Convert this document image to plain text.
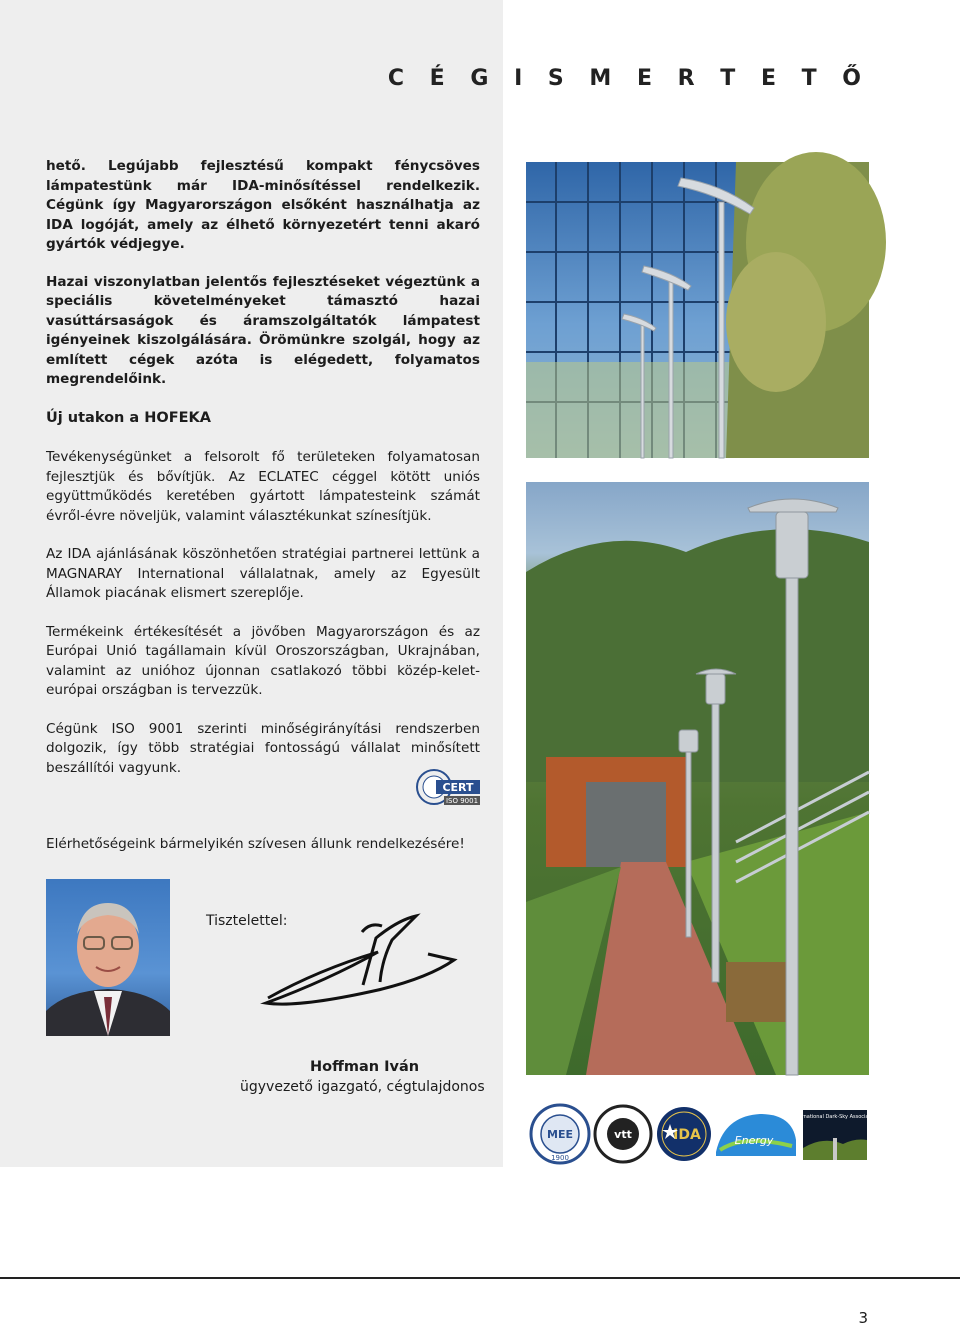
C É G I S M E R T E T Ő

hető. Legújabb fejlesztésű kompakt fénycsöves lámpatestünk már IDA-minősítéssel rendelkezik. Cégünk így Magyarországon elsőként használhatja az IDA logóját, amely az élhető környezetért tenni akaró gyártók védjegye.

Hazai viszonylatban jelentős fejlesztéseket végeztünk a speciális követelményeket támasztó hazai vasúttársaságok és áramszolgáltatók lámpatest igényeinek kiszolgálására. Örömünkre szolgál, hogy az említett cégek azóta is elégedett, folyamatos megrendelőink.

Új utakon a HOFEKA

Tevékenységünket a felsorolt fő területeken folyamatosan fejlesztjük és bővítjük. Az ECLATEC céggel kötött uniós együttműködés keretében gyártott lámpatesteink számát évről-évre növeljük, valamint választékunkat színesítjük.

Az IDA ajánlásának köszönhetően stratégiai partnerei lettünk a MAGNARAY International vállalatnak, amely az Egyesült Államok piacának elismert szereplője.

Termékeink értékesítését a jövőben Magyarországon és az Európai Unió tagállamain kívül Oroszországban, Ukrajnában, valamint az unióhoz újonnan csatlakozó többi közép-kelet-európai országban is tervezzük.

Cégünk ISO 9001 szerinti minőségirányítási rendszerben dolgozik, így több stratégiai fontosságú vállalat minősített beszállítói vagyunk.

CERT
ISO 9001

Elérhetőségeink bármelyikén szívesen állunk rendelkezésére!

Tisztelettel:
Hoffman Iván
ügyvezető igazgató, cégtulajdonos
MEE
1900
vtt	IDA	Energy
International Dark-Sky Association
3
